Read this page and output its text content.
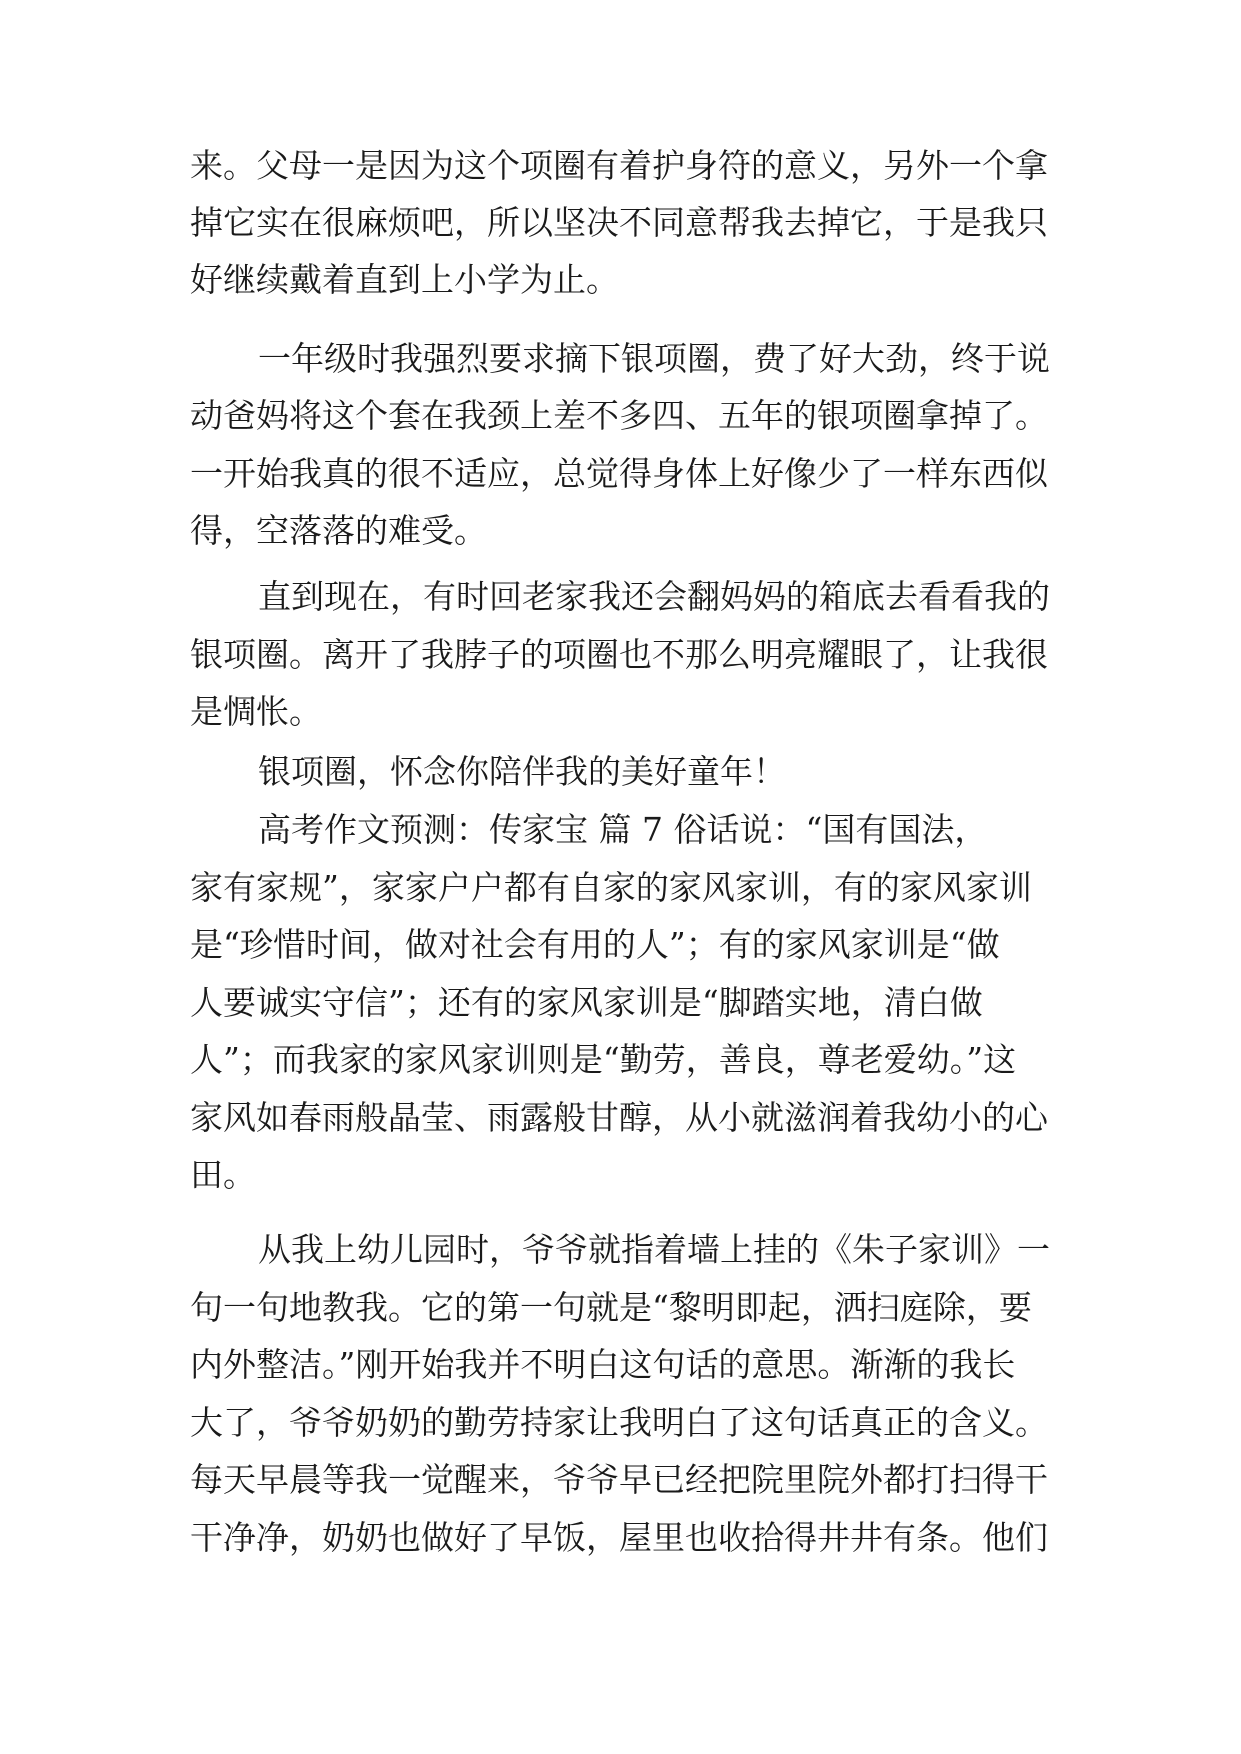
来。父母一是因为这个项圈有着护身符的意义，另外一个拿

掉它实在很麻烦吧，所以坚决不同意帮我去掉它，于是我只

好继续戴着直到上小学为止。

一年级时我强烈要求摘下银项圈，费了好大劲，终于说

动爸妈将这个套在我颈上差不多四、五年的银项圈拿掉了。

一开始我真的很不适应，总觉得身体上好像少了一样东西似

得，空落落的难受。

直到现在，有时回老家我还会翻妈妈的箱底去看看我的

银项圈。离开了我脖子的项圈也不那么明亮耀眼了，让我很

是惆怅。

银项圈，怀念你陪伴我的美好童年！

高考作文预测：传家宝 篇 7 俗话说：“国有国法，

家有家规”，家家户户都有自家的家风家训，有的家风家训

是“珍惜时间，做对社会有用的人”；有的家风家训是“做

人要诚实守信”；还有的家风家训是“脚踏实地，清白做

人”；而我家的家风家训则是“勤劳，善良，尊老爱幼。”这

家风如春雨般晶莹、雨露般甘醇，从小就滋润着我幼小的心

田。

从我上幼儿园时，爷爷就指着墙上挂的《朱子家训》一

句一句地教我。它的第一句就是“黎明即起，洒扫庭除，要

内外整洁。”刚开始我并不明白这句话的意思。渐渐的我长

大了，爷爷奶奶的勤劳持家让我明白了这句话真正的含义。

每天早晨等我一觉醒来，爷爷早已经把院里院外都打扫得干

干净净，奶奶也做好了早饭，屋里也收拾得井井有条。他们
